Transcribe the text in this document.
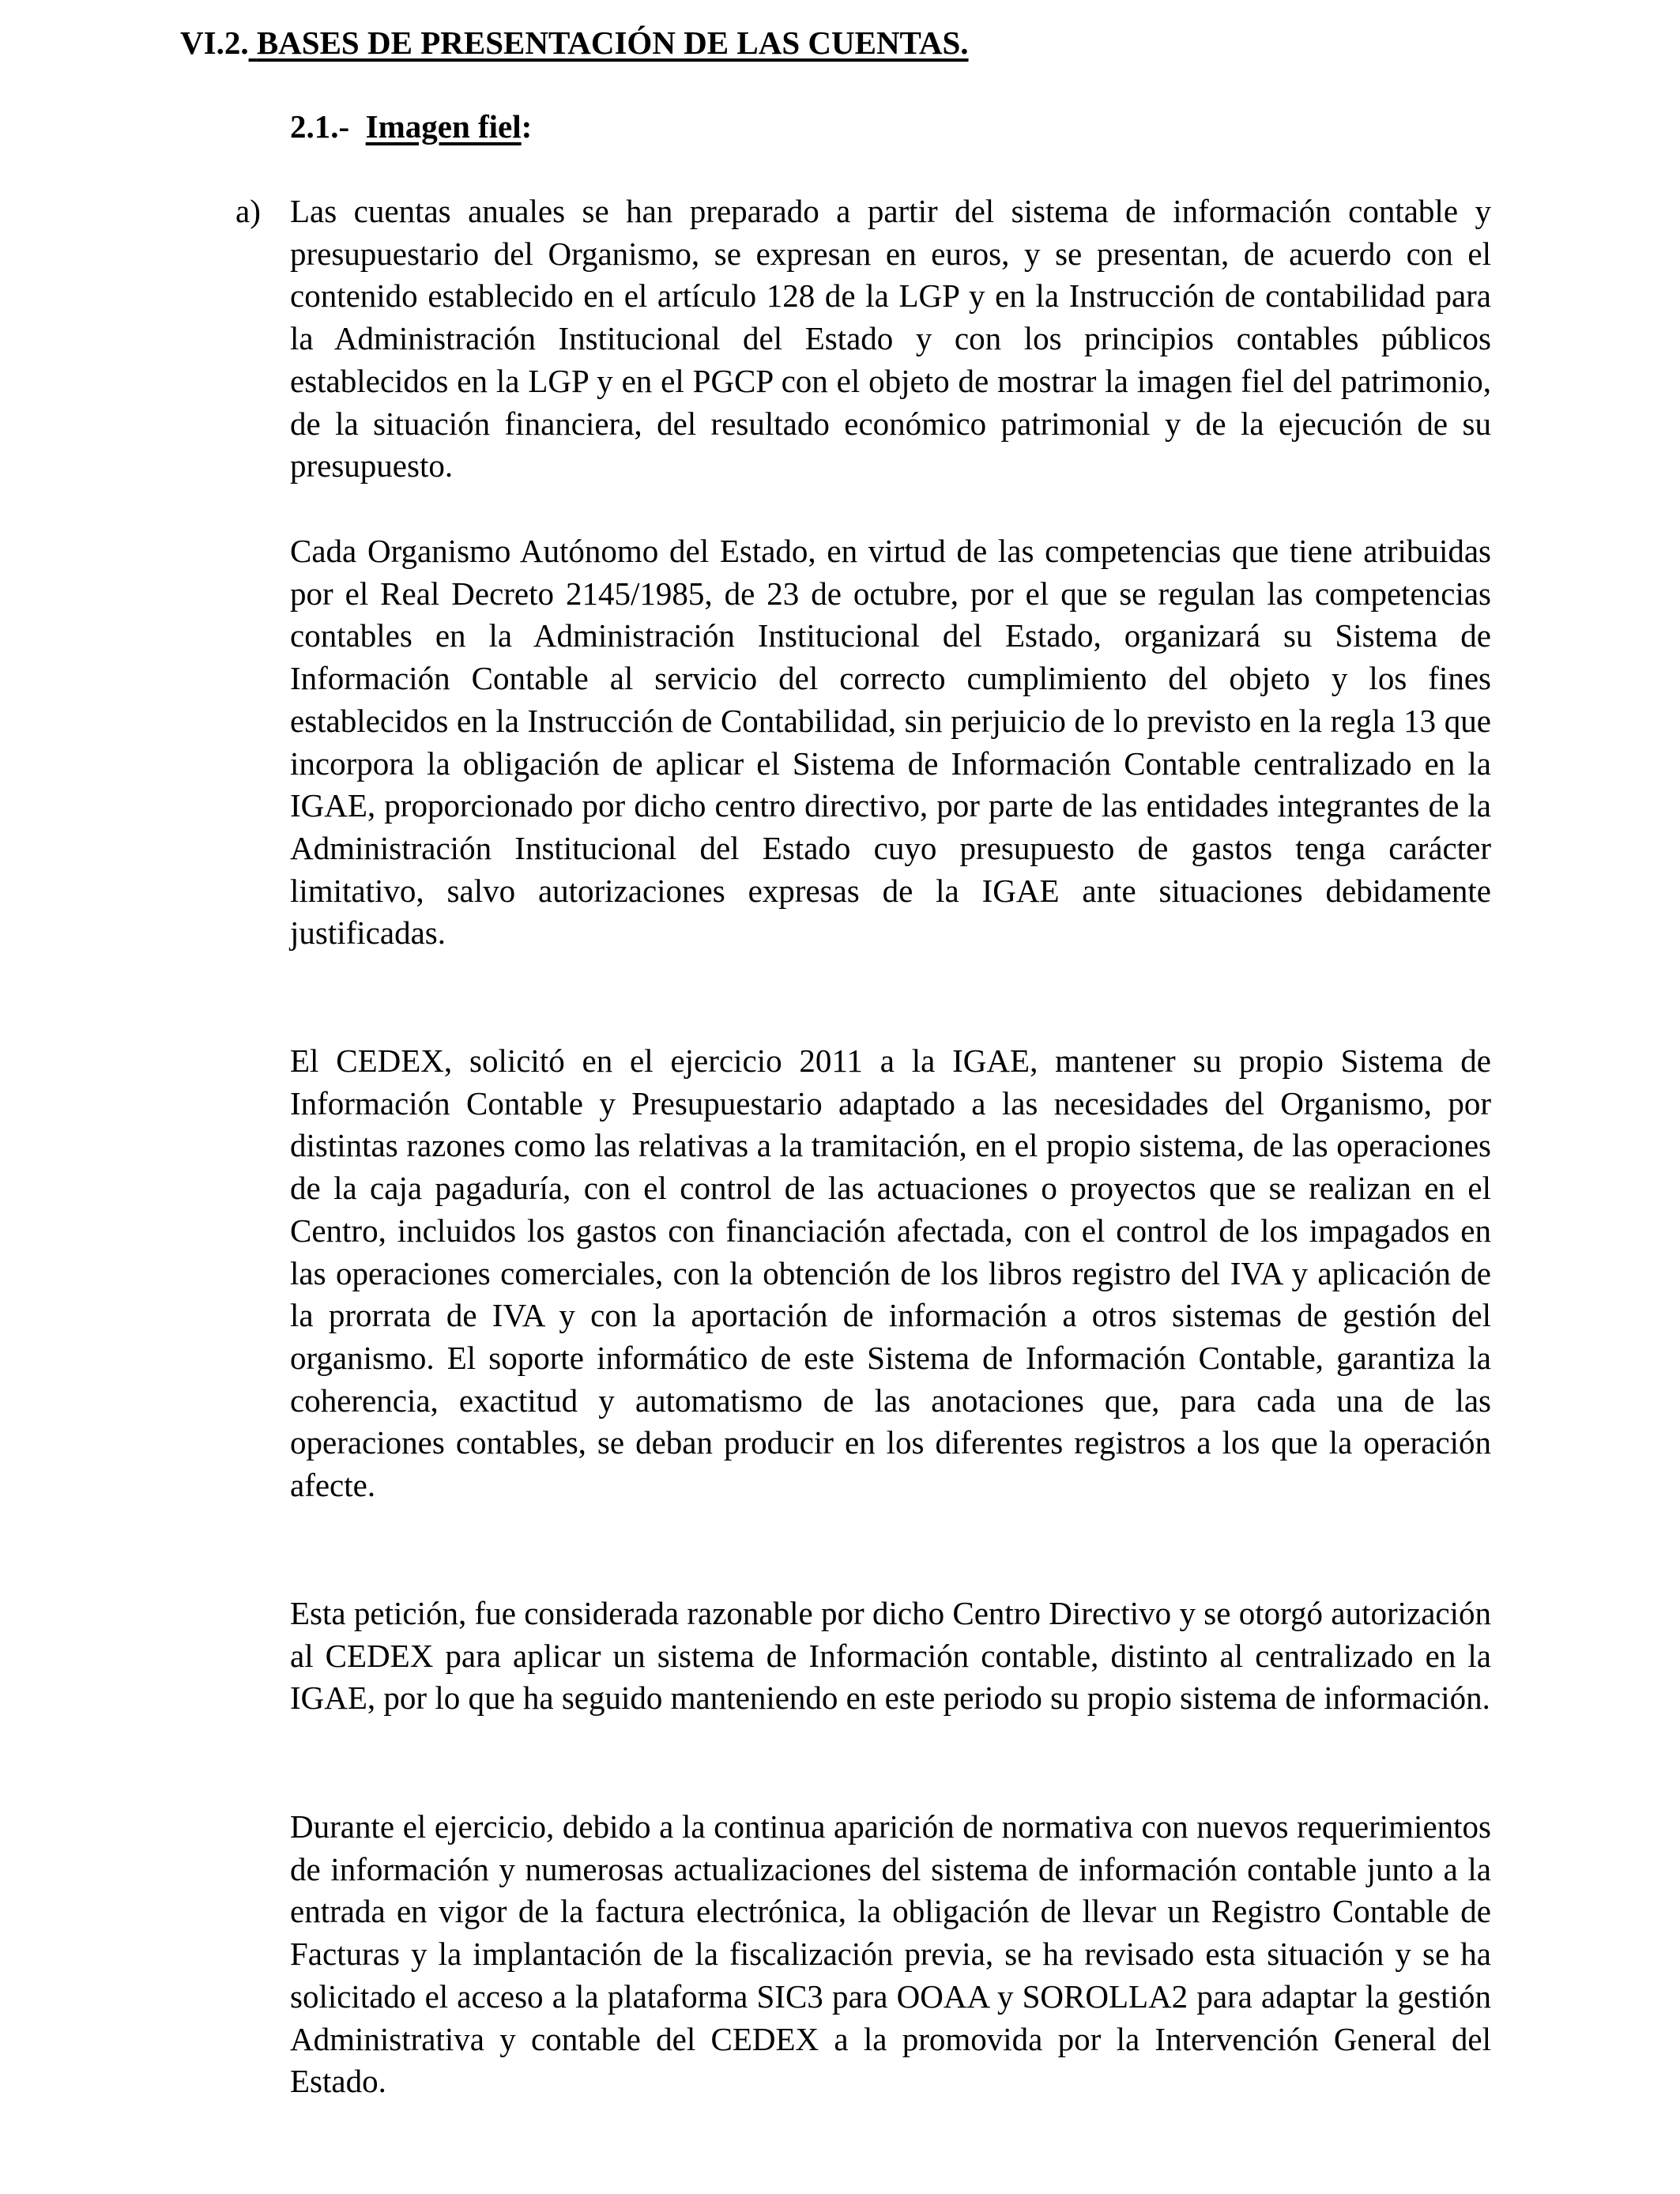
VI.2. BASES DE PRESENTACIÓN DE LAS CUENTAS.
2.1.- Imagen fiel:

a) Las cuentas anuales se han preparado a partir del sistema de información contable y presupuestario del Organismo, se expresan en euros, y se presentan, de acuerdo con el contenido establecido en el artículo 128 de la LGP y en la Instrucción de contabilidad para la Administración Institucional del Estado y con los principios contables públicos establecidos en la LGP y en el PGCP con el objeto de mostrar la imagen fiel del patrimonio, de la situación financiera, del resultado económico patrimonial y de la ejecución de su presupuesto.

Cada Organismo Autónomo del Estado, en virtud de las competencias que tiene atribuidas por el Real Decreto 2145/1985, de 23 de octubre, por el que se regulan las competencias contables en la Administración Institucional del Estado, organizará su Sistema de Información Contable al servicio del correcto cumplimiento del objeto y los fines establecidos en la Instrucción de Contabilidad, sin perjuicio de lo previsto en la regla 13 que incorpora la obligación de aplicar el Sistema de Información Contable centralizado en la IGAE, proporcionado por dicho centro directivo, por parte de las entidades integrantes de la Administración Institucional del Estado cuyo presupuesto de gastos tenga carácter limitativo, salvo autorizaciones expresas de la IGAE ante situaciones debidamente justificadas.

El CEDEX, solicitó en el ejercicio 2011 a la IGAE, mantener su propio Sistema de Información Contable y Presupuestario adaptado a las necesidades del Organismo, por distintas razones como las relativas a la tramitación, en el propio sistema, de las operaciones de la caja pagaduría, con el control de las actuaciones o proyectos que se realizan en el Centro, incluidos los gastos con financiación afectada, con el control de los impagados en las operaciones comerciales, con la obtención de los libros registro del IVA y aplicación de la prorrata de IVA y con la aportación de información a otros sistemas de gestión del organismo. El soporte informático de este Sistema de Información Contable, garantiza la coherencia, exactitud y automatismo de las anotaciones que, para cada una de las operaciones contables, se deban producir en los diferentes registros a los que la operación afecte.

Esta petición, fue considerada razonable por dicho Centro Directivo y se otorgó autorización al CEDEX para aplicar un sistema de Información contable, distinto al centralizado en la IGAE, por lo que ha seguido manteniendo en este periodo su propio sistema de información.

Durante el ejercicio, debido a la continua aparición de normativa con nuevos requerimientos de información y numerosas actualizaciones del sistema de información contable junto a la entrada en vigor de la factura electrónica, la obligación de llevar un Registro Contable de Facturas y la implantación de la fiscalización previa, se ha revisado esta situación y se ha solicitado el acceso a la plataforma SIC3 para OOAA y SOROLLA2 para adaptar la gestión Administrativa y contable del CEDEX a la promovida por la Intervención General del Estado.
